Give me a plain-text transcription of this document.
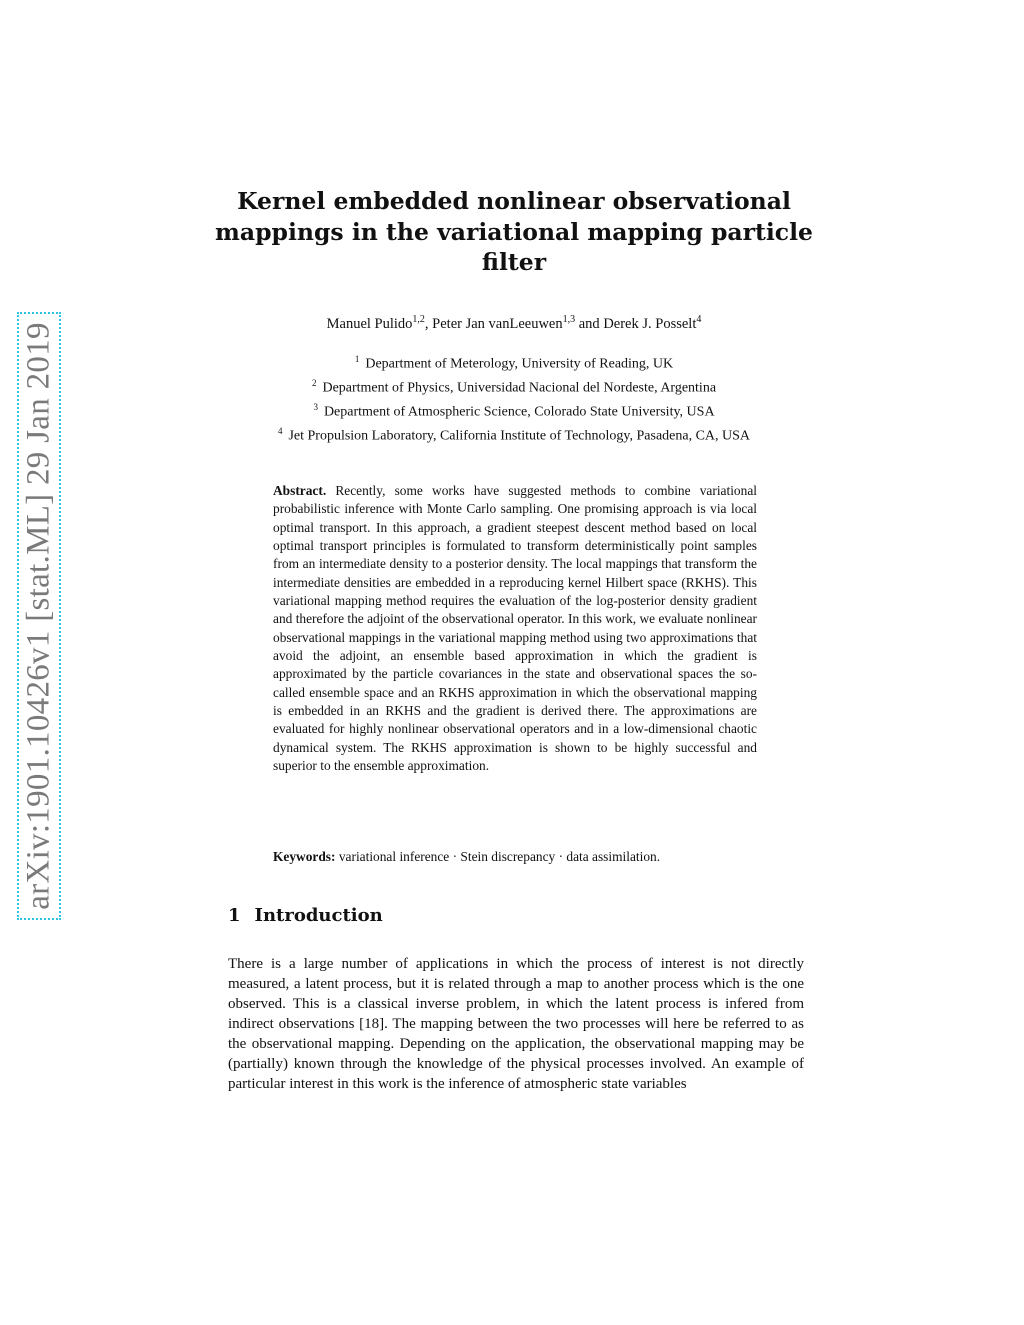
arXiv:1901.10426v1 [stat.ML] 29 Jan 2019
Kernel embedded nonlinear observational
mappings in the variational mapping particle
filter
Manuel Pulido$^{1,2}$, Peter Jan vanLeeuwen$^{1,3}$ and Derek J. Posselt$^4$
$^1$ Department of Meterology, University of Reading, UK
$^2$ Department of Physics, Universidad Nacional del Nordeste, Argentina
$^3$ Department of Atmospheric Science, Colorado State University, USA
$^4$ Jet Propulsion Laboratory, California Institute of Technology, Pasadena, CA, USA
Abstract. Recently, some works have suggested methods to combine variational probabilistic inference with Monte Carlo sampling. One promising approach is via local optimal transport. In this approach, a gradient steepest descent method based on local optimal transport principles is formulated to transform deterministically point samples from an intermediate density to a posterior density. The local mappings that transform the intermediate densities are embedded in a reproducing kernel Hilbert space (RKHS). This variational mapping method requires the evaluation of the log-posterior density gradient and therefore the adjoint of the observational operator. In this work, we evaluate nonlinear observational mappings in the variational mapping method using two approximations that avoid the adjoint, an ensemble based approximation in which the gradient is approximated by the particle covariances in the state and observational spaces the so-called ensemble space and an RKHS approximation in which the observational mapping is embedded in an RKHS and the gradient is derived there. The approximations are evaluated for highly nonlinear observational operators and in a low-dimensional chaotic dynamical system. The RKHS approximation is shown to be highly successful and superior to the ensemble approximation.
Keywords: variational inference · Stein discrepancy · data assimilation.
1 Introduction
There is a large number of applications in which the process of interest is not directly measured, a latent process, but it is related through a map to another process which is the one observed. This is a classical inverse problem, in which the latent process is infered from indirect observations [18]. The mapping between the two processes will here be referred to as the observational mapping. Depending on the application, the observational mapping may be (partially) known through the knowledge of the physical processes involved. An example of particular interest in this work is the inference of atmospheric state variables
